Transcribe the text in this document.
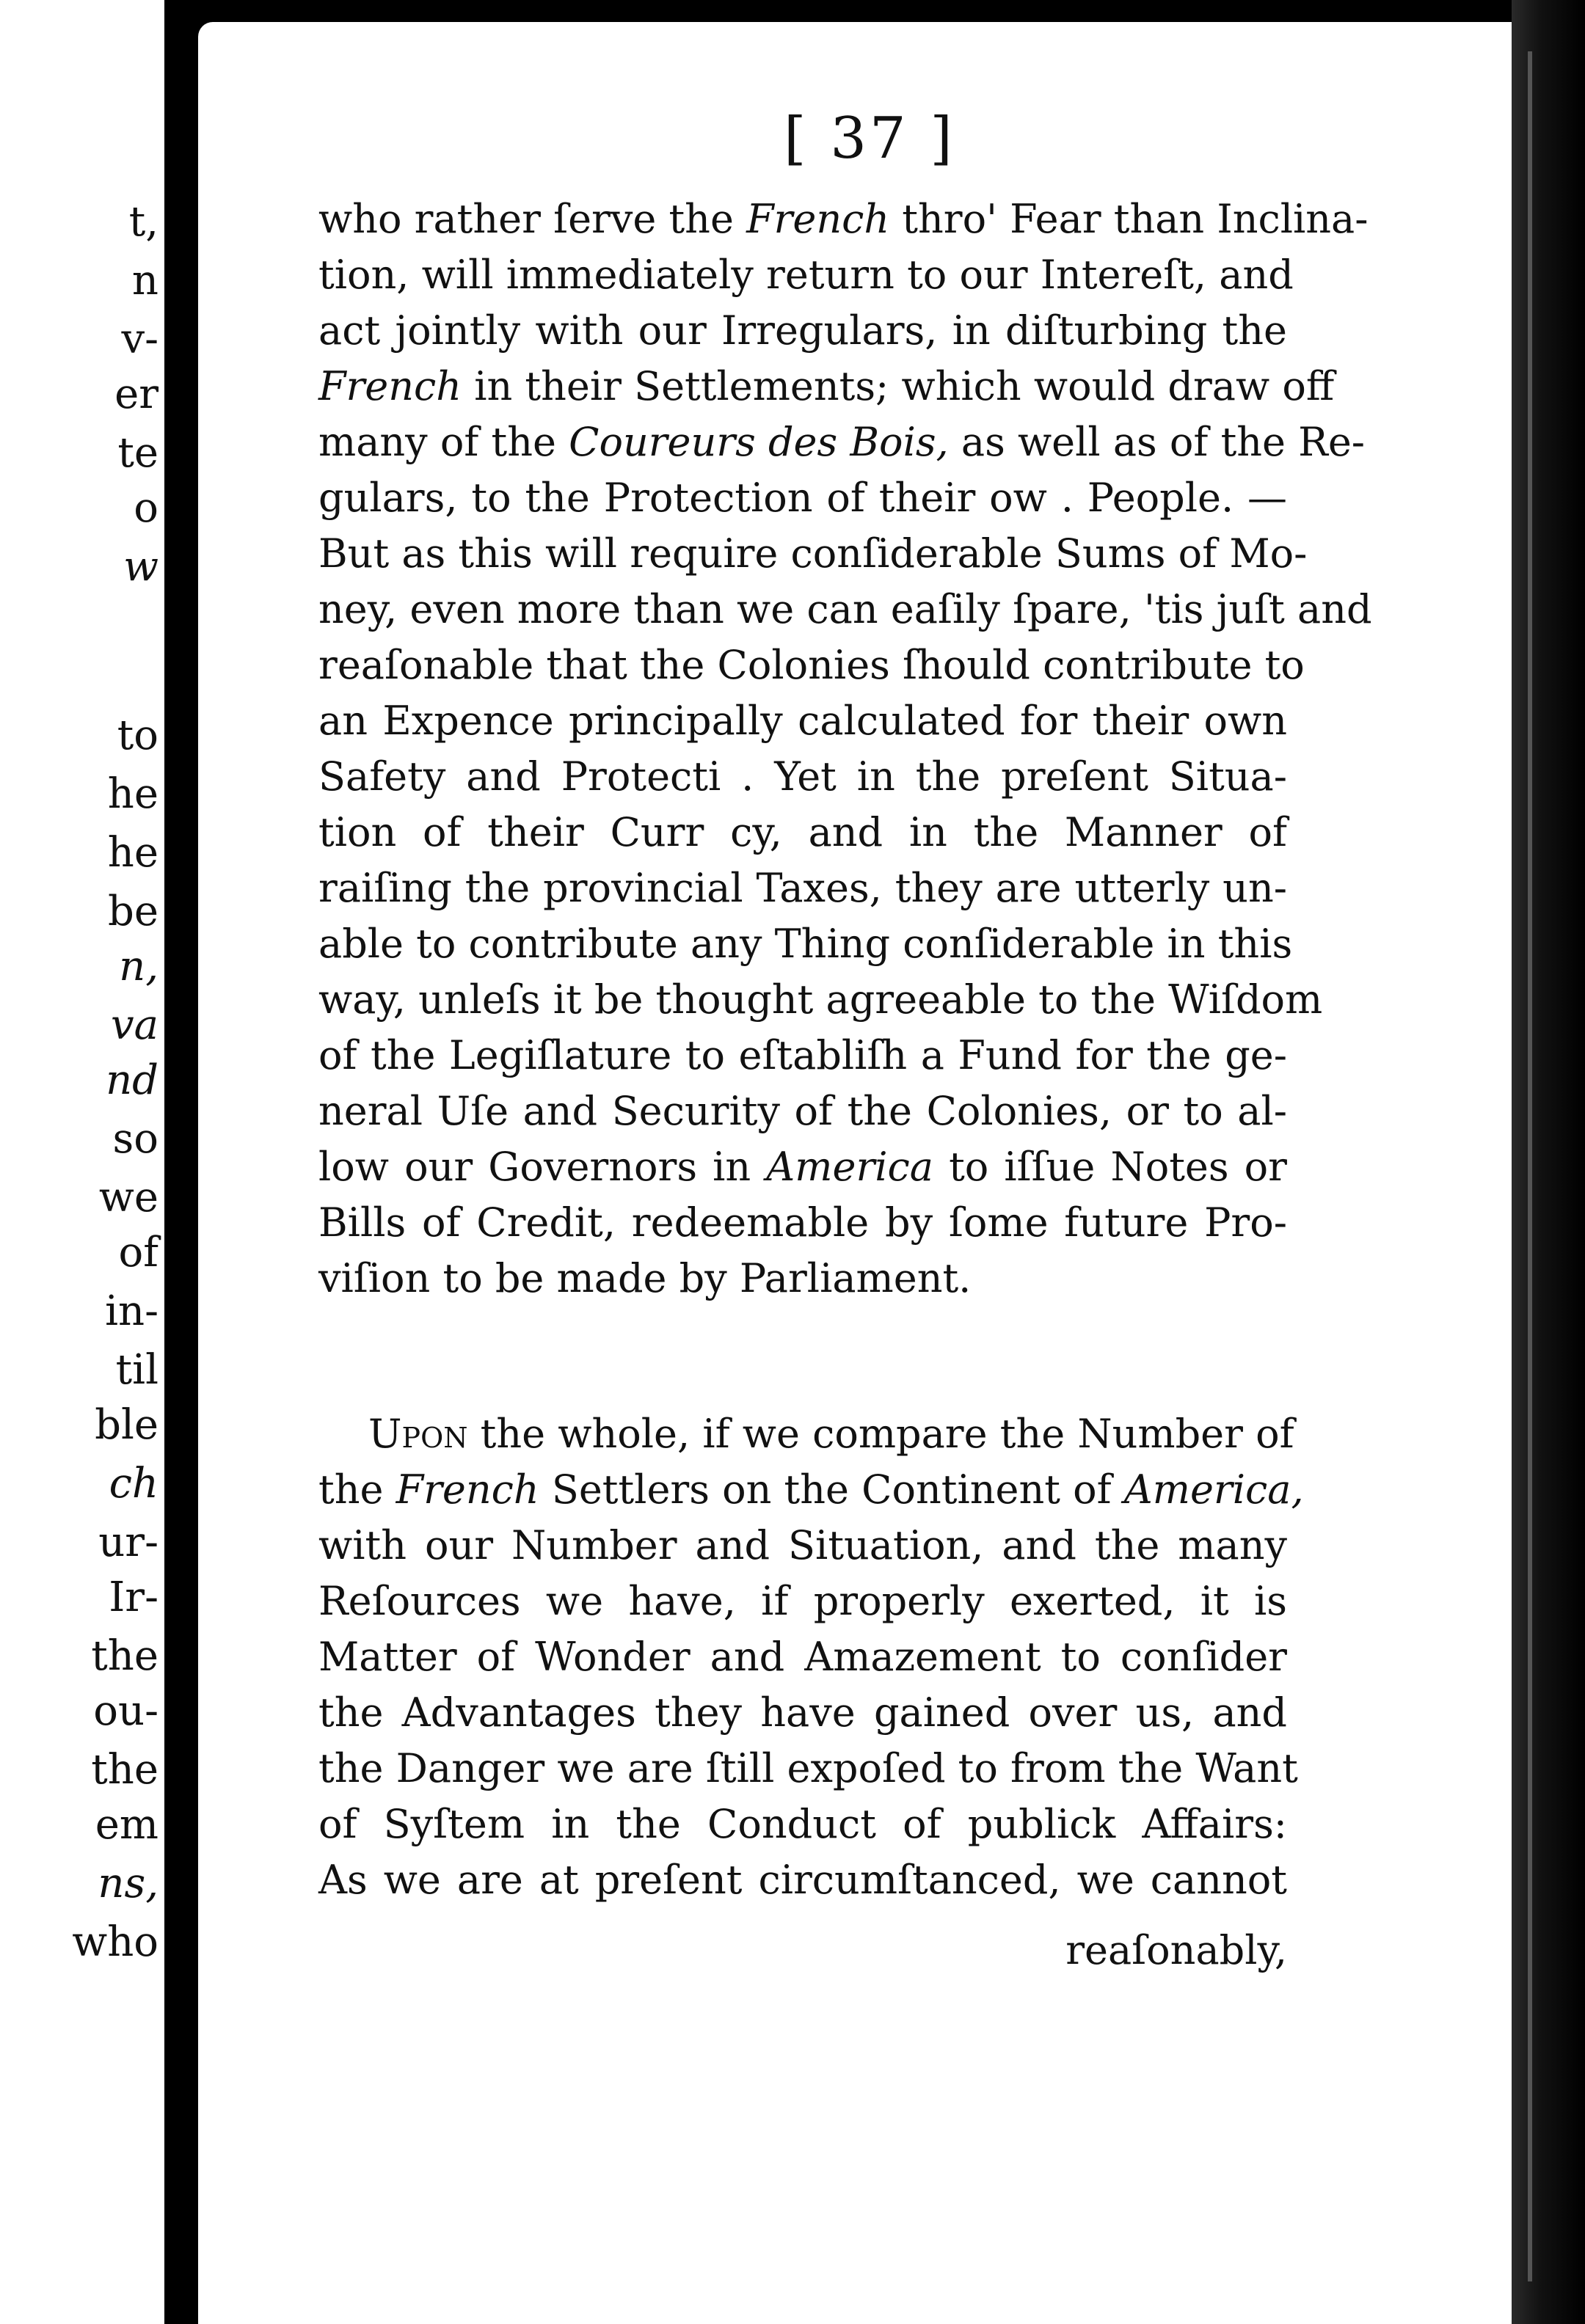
t,
n
v-
er
te
o
w
to
he
he
be
n,
va
nd
so
we
of
in-
til
ble
ch
ur-
Ir-
the
ou-
the
em
ns,
who
[ 37 ]
who rather ſerve the French thro' Fear than Inclina-
tion, will immediately return to our Intereſt, and
act jointly with our Irregulars, in diſturbing the
French in their Settlements; which would draw off
many of the Coureurs des Bois, as well as of the Re-
gulars, to the Protection of their ow . People. —
But as this will require conſiderable Sums of Mo-
ney, even more than we can eaſily ſpare, 'tis juſt and
reaſonable that the Colonies ſhould contribute to
an Expence principally calculated for their own
Safety and Protecti . Yet in the preſent Situa-
tion of their Curr cy, and in the Manner of
raiſing the provincial Taxes, they are utterly un-
able to contribute any Thing conſiderable in this
way, unleſs it be thought agreeable to the Wiſdom
of the Legiſlature to eſtabliſh a Fund for the ge-
neral Uſe and Security of the Colonies, or to al-
low our Governors in America to iſſue Notes or
Bills of Credit, redeemable by ſome future Pro-
viſion to be made by Parliament.
Upon the whole, if we compare the Number of
the French Settlers on the Continent of America,
with our Number and Situation, and the many
Reſources we have, if properly exerted, it is
Matter of Wonder and Amazement to conſider
the Advantages they have gained over us, and
the Danger we are ſtill expoſed to from the Want
of Syſtem in the Conduct of publick Affairs:
As we are at preſent circumſtanced, we cannot
reaſonably,
